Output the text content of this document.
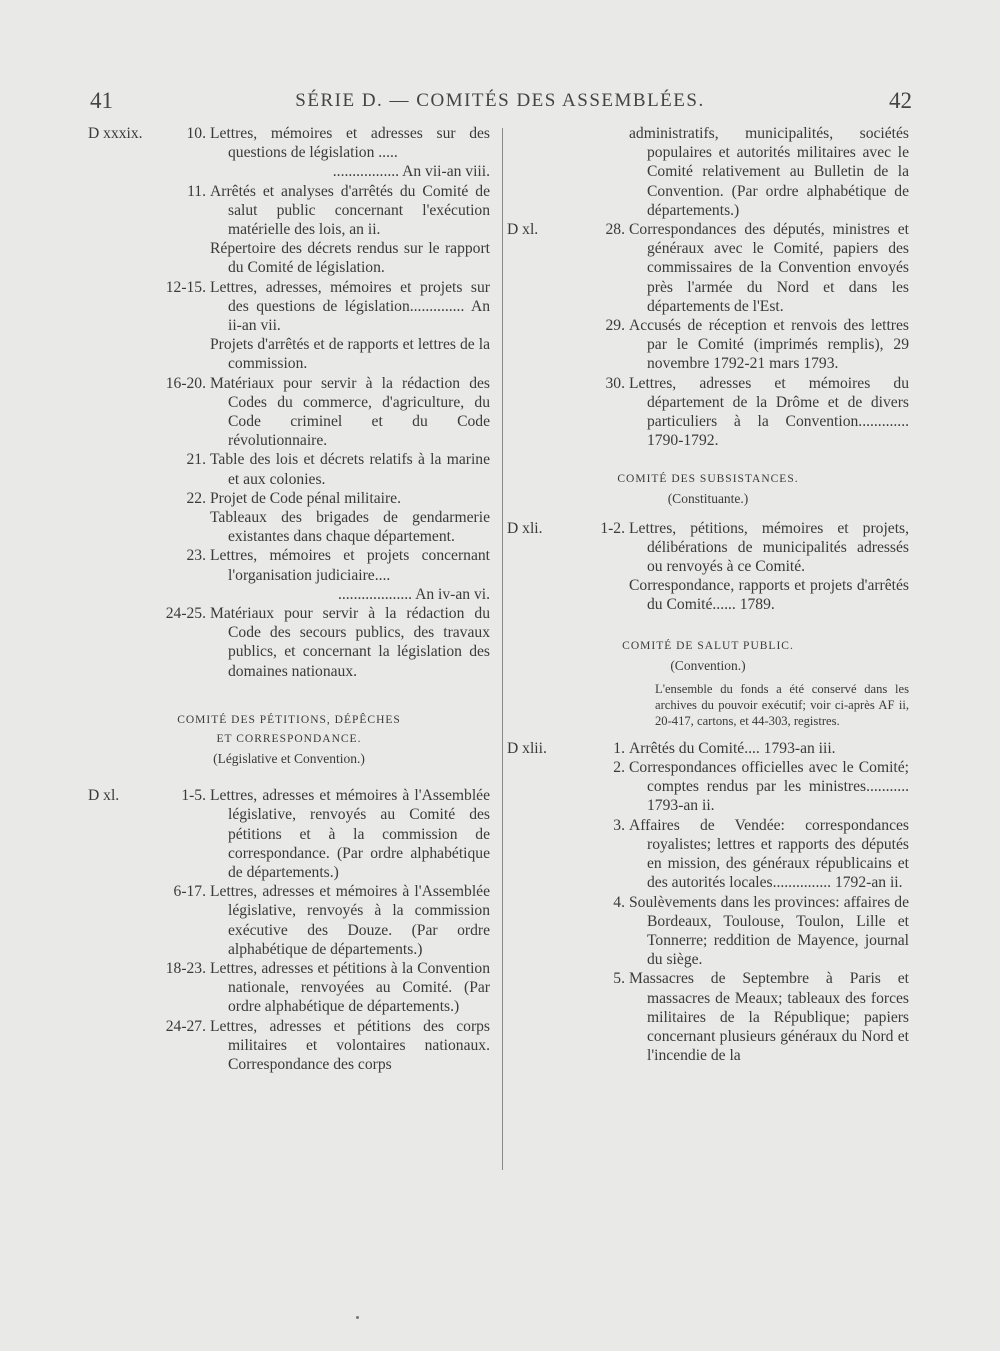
41	SÉRIE D. — COMITÉS DES ASSEMBLÉES.	42
D xxxix.	10. Lettres, mémoires et adresses sur des questions de législation .....

................. An vii-an viii.
11. Arrêtés et analyses d'arrêtés du Comité de salut public concernant l'exécution matérielle des lois, an ii.

Répertoire des décrets rendus sur le rapport du Comité de législation.

12-15. Lettres, adresses, mémoires et projets sur des questions de législation.............. An ii-an vii.

Projets d'arrêtés et de rapports et lettres de la commission.

16-20. Matériaux pour servir à la rédaction des Codes du commerce, d'agriculture, du Code criminel et du Code révolutionnaire.

21. Table des lois et décrets relatifs à la marine et aux colonies.

22. Projet de Code pénal militaire.

Tableaux des brigades de gendarmerie existantes dans chaque département.

23. Lettres, mémoires et projets concernant l'organisation judiciaire....

................... An iv-an vi.
24-25. Matériaux pour servir à la rédaction du Code des secours publics, des travaux publics, et concernant la législation des domaines nationaux.

COMITÉ DES PÉTITIONS, DÉPÊCHES
ET CORRESPONDANCE.
(Législative et Convention.)
D xl.	1-5. Lettres, adresses et mémoires à l'Assemblée législative, renvoyés au Comité des pétitions et à la commission de correspondance. (Par ordre alphabétique de départements.)

6-17. Lettres, adresses et mémoires à l'Assemblée législative, renvoyés à la commission exécutive des Douze. (Par ordre alphabétique de départements.)

18-23. Lettres, adresses et pétitions à la Convention nationale, renvoyées au Comité. (Par ordre alphabétique de départements.)

24-27. Lettres, adresses et pétitions des corps militaires et volontaires nationaux. Correspondance des corps

administratifs, municipalités, sociétés populaires et autorités militaires avec le Comité relativement au Bulletin de la Convention. (Par ordre alphabétique de départements.)

D xl.	28. Correspondances des députés, ministres et généraux avec le Comité, papiers des commissaires de la Convention envoyés près l'armée du Nord et dans les départements de l'Est.

29. Accusés de réception et renvois des lettres par le Comité (imprimés remplis), 29 novembre 1792-21 mars 1793.

30. Lettres, adresses et mémoires du département de la Drôme et de divers particuliers à la Convention............. 1790-1792.

COMITÉ DES SUBSISTANCES.
(Constituante.)
D xli.	1-2. Lettres, pétitions, mémoires et projets, délibérations de municipalités adressés ou renvoyés à ce Comité.

Correspondance, rapports et projets d'arrêtés du Comité...... 1789.

COMITÉ DE SALUT PUBLIC.
(Convention.)

L'ensemble du fonds a été conservé dans les archives du pouvoir exécutif; voir ci-après AF ii, 20-417, cartons, et 44-303, registres.

D xlii.	1. Arrêtés du Comité.... 1793-an iii.

2. Correspondances officielles avec le Comité; comptes rendus par les ministres........... 1793-an ii.

3. Affaires de Vendée: correspondances royalistes; lettres et rapports des députés en mission, des généraux républicains et des autorités locales............... 1792-an ii.

4. Soulèvements dans les provinces: affaires de Bordeaux, Toulouse, Toulon, Lille et Tonnerre; reddition de Mayence, journal du siège.

5. Massacres de Septembre à Paris et massacres de Meaux; tableaux des forces militaires de la République; papiers concernant plusieurs généraux du Nord et l'incendie de la
